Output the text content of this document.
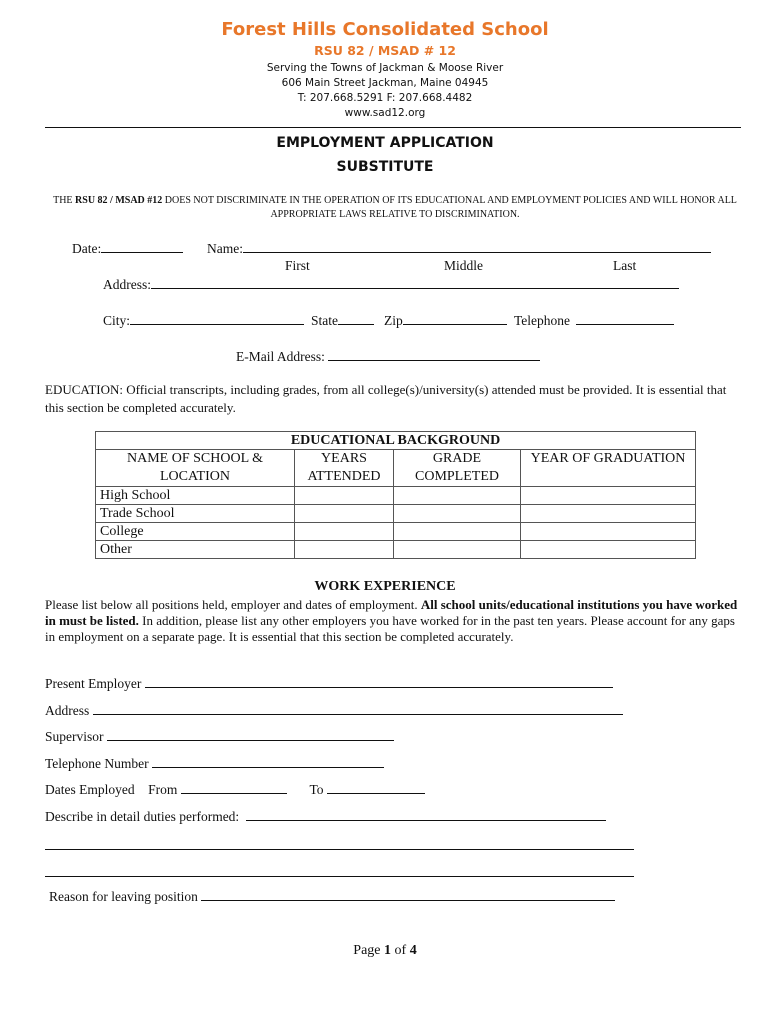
Forest Hills Consolidated School
RSU 82 / MSAD # 12
Serving the Towns of Jackman & Moose River
606 Main Street Jackman, Maine 04945
T: 207.668.5291 F: 207.668.4482
www.sad12.org
EMPLOYMENT APPLICATION
SUBSTITUTE
THE RSU 82 / MSAD #12 DOES NOT DISCRIMINATE IN THE OPERATION OF ITS EDUCATIONAL AND EMPLOYMENT POLICIES AND WILL HONOR ALL APPROPRIATE LAWS RELATIVE TO DISCRIMINATION.
Date:	Name:
First	Middle	Last
Address:
City:	State	Zip	Telephone
E-Mail Address:
EDUCATION: Official transcripts, including grades, from all college(s)/university(s) attended must be provided. It is essential that this section be completed accurately.
EDUCATIONAL BACKGROUND			
NAME OF SCHOOL & LOCATION	YEARS ATTENDED	GRADE COMPLETED	YEAR OF GRADUATION
High School			
Trade School			
College			
Other			
WORK EXPERIENCE
Please list below all positions held, employer and dates of employment. All school units/educational institutions you have worked in must be listed. In addition, please list any other employers you have worked for in the past ten years. Please account for any gaps in employment on a separate page. It is essential that this section be completed accurately.
Present Employer
Address
Supervisor
Telephone Number
Dates Employed    From	To
Describe in detail duties performed:
Reason for leaving position
Page 1 of 4
